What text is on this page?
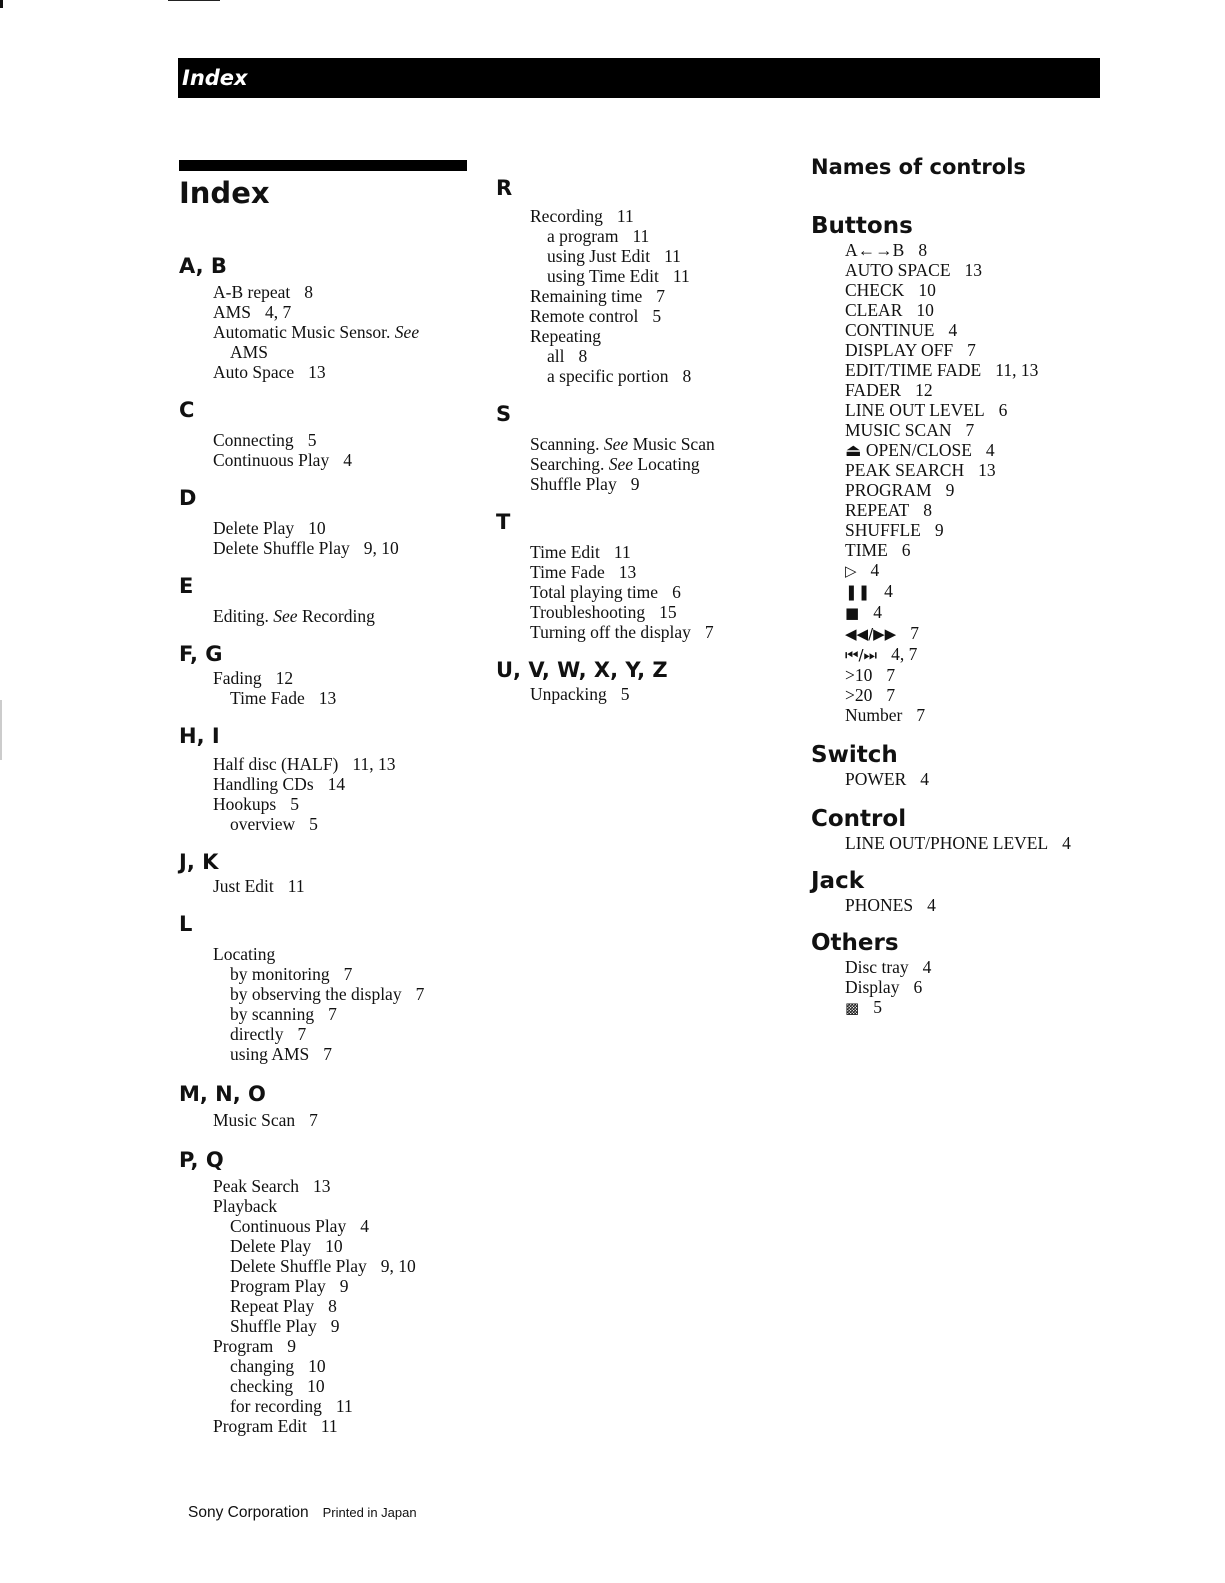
Index
Index
A, B
A-B repeat 8
AMS 4, 7
Automatic Music Sensor. See
AMS
Auto Space 13
C
Connecting 5
Continuous Play 4
D
Delete Play 10
Delete Shuffle Play 9, 10
E
Editing. See Recording
F, G
Fading 12
Time Fade 13
H, I
Half disc (HALF) 11, 13
Handling CDs 14
Hookups 5
overview 5
J, K
Just Edit 11
L
Locating
by monitoring 7
by observing the display 7
by scanning 7
directly 7
using AMS 7
M, N, O
Music Scan 7
P, Q
Peak Search 13
Playback
Continuous Play 4
Delete Play 10
Delete Shuffle Play 9, 10
Program Play 9
Repeat Play 8
Shuffle Play 9
Program 9
changing 10
checking 10
for recording 11
Program Edit 11
R
Recording 11
a program 11
using Just Edit 11
using Time Edit 11
Remaining time 7
Remote control 5
Repeating
all 8
a specific portion 8
S
Scanning. See Music Scan
Searching. See Locating
Shuffle Play 9
T
Time Edit 11
Time Fade 13
Total playing time 6
Troubleshooting 15
Turning off the display 7
U, V, W, X, Y, Z
Unpacking 5
Names of controls
Buttons
A←→B 8
AUTO SPACE 13
CHECK 10
CLEAR 10
CONTINUE 4
DISPLAY OFF 7
EDIT/TIME FADE 11, 13
FADER 12
LINE OUT LEVEL 6
MUSIC SCAN 7
⏏ OPEN/CLOSE 4
PEAK SEARCH 13
PROGRAM 9
REPEAT 8
SHUFFLE 9
TIME 6
▷ 4
❚❚ 4
■ 4
◀◀/▶▶ 7
⏮/⏭ 4, 7
>10 7
>20 7
Number 7
Switch
POWER 4
Control
LINE OUT/PHONE LEVEL 4
Jack
PHONES 4
Others
Disc tray 4
Display 6
▩ 5
Sony Corporation Printed in Japan
